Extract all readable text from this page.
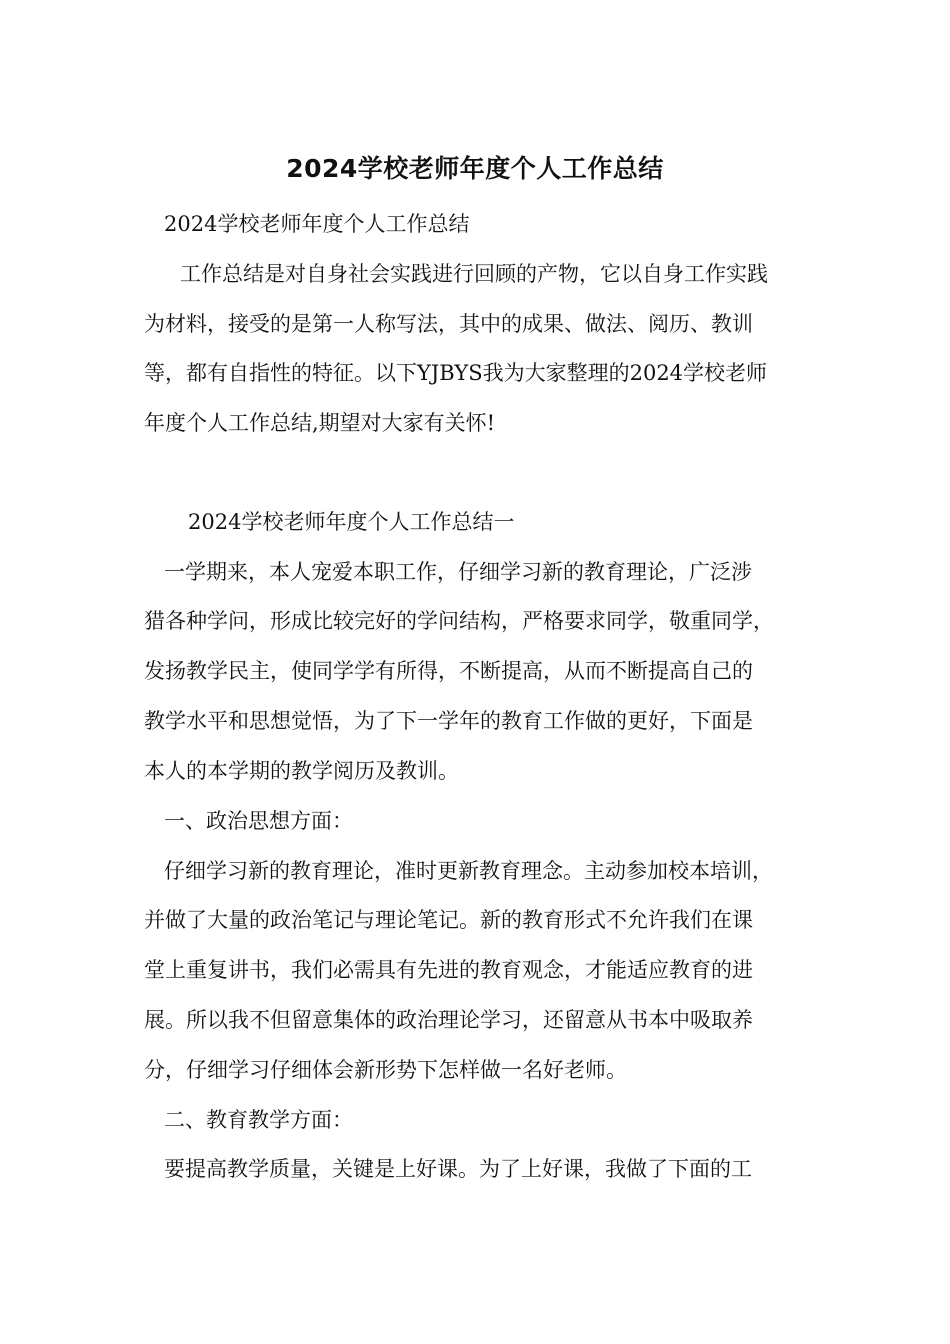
2024学校老师年度个人工作总结
2024学校老师年度个人工作总结
工作总结是对自身社会实践进行回顾的产物，它以自身工作实践
为材料，接受的是第一人称写法，其中的成果、做法、阅历、教训
等，都有自指性的特征。以下YJBYS我为大家整理的2024学校老师
年度个人工作总结,期望对大家有关怀!
2024学校老师年度个人工作总结一
一学期来，本人宠爱本职工作，仔细学习新的教育理论，广泛涉
猎各种学问，形成比较完好的学问结构，严格要求同学，敬重同学，
发扬教学民主，使同学学有所得，不断提高，从而不断提高自己的
教学水平和思想觉悟，为了下一学年的教育工作做的更好，下面是
本人的本学期的教学阅历及教训。
一、政治思想方面：
仔细学习新的教育理论，准时更新教育理念。主动参加校本培训，
并做了大量的政治笔记与理论笔记。新的教育形式不允许我们在课
堂上重复讲书，我们必需具有先进的教育观念，才能适应教育的进
展。所以我不但留意集体的政治理论学习，还留意从书本中吸取养
分，仔细学习仔细体会新形势下怎样做一名好老师。
二、教育教学方面：
要提高教学质量，关键是上好课。为了上好课，我做了下面的工
